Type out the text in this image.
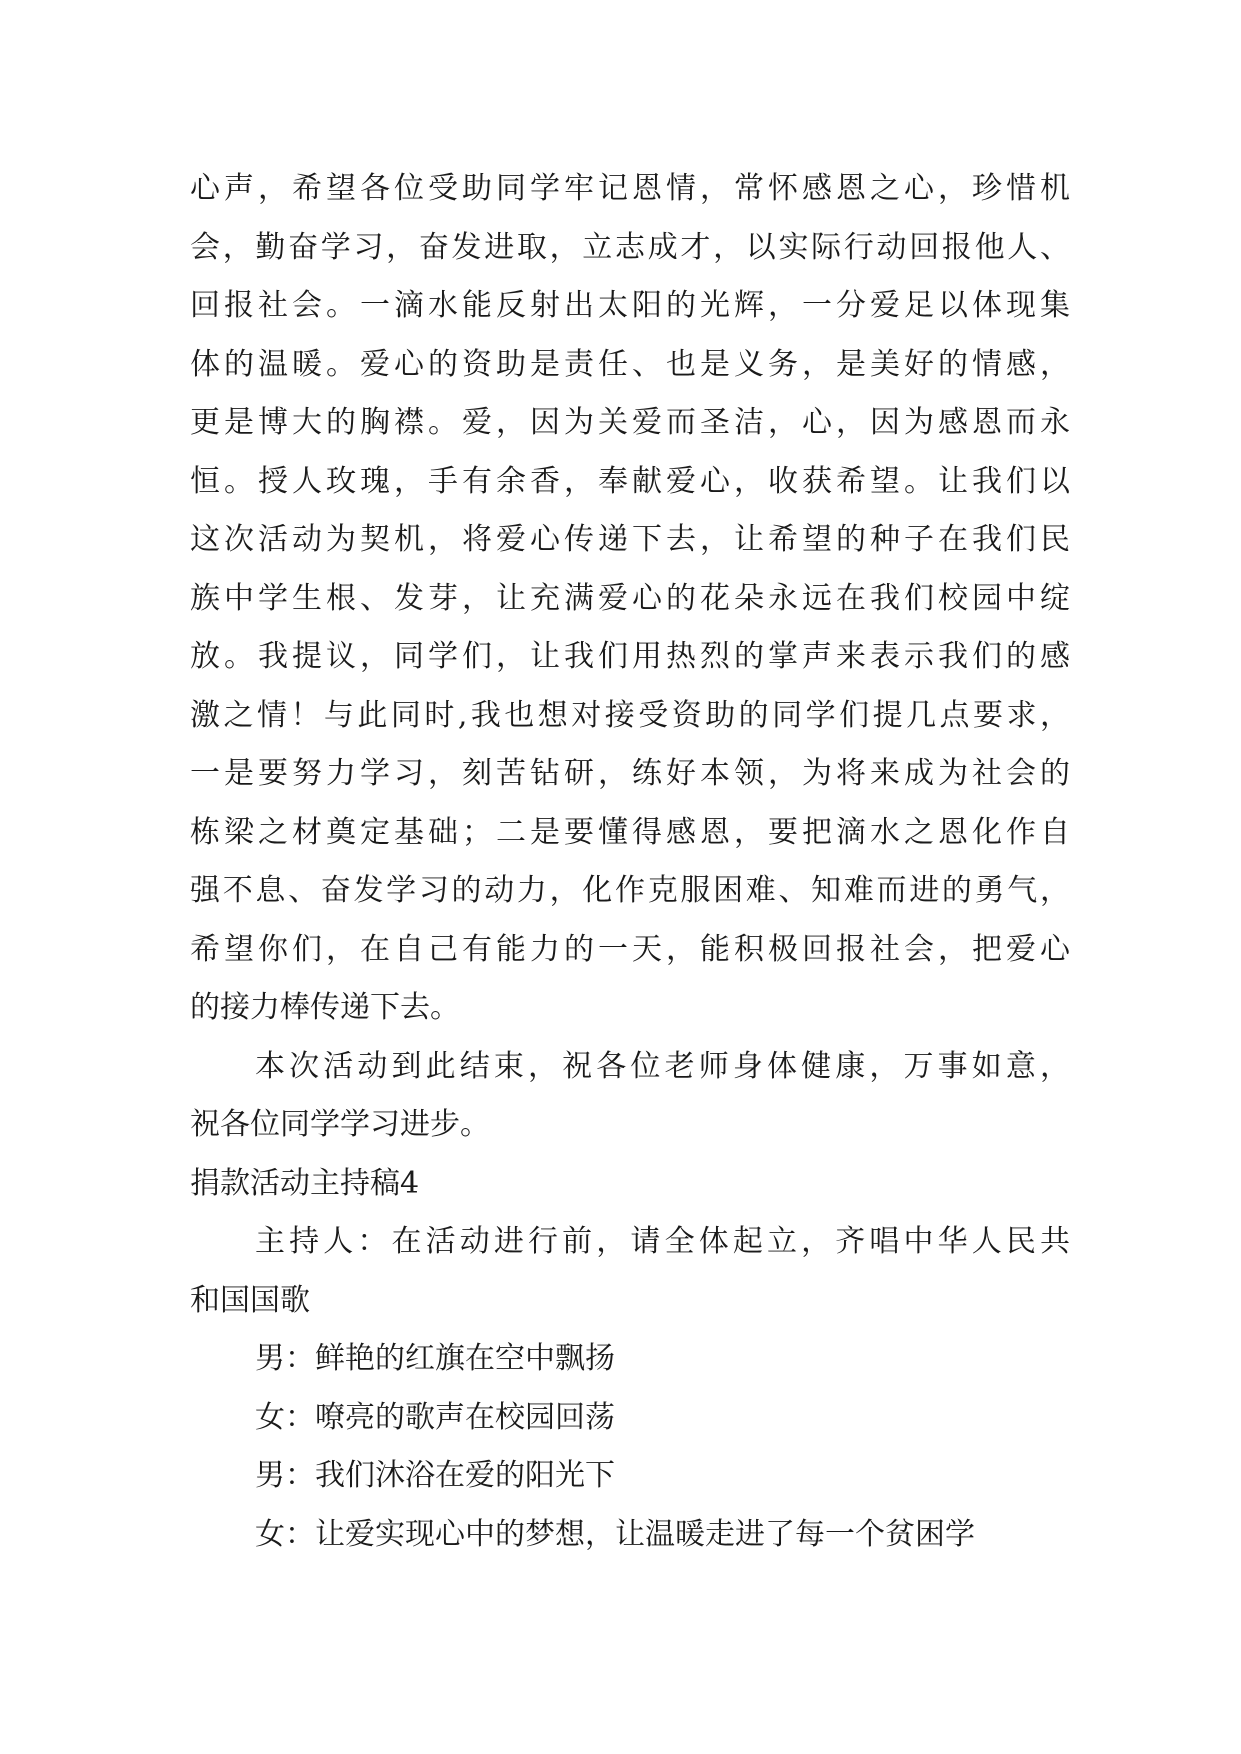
心声，希望各位受助同学牢记恩情，常怀感恩之心，珍惜机
会，勤奋学习，奋发进取，立志成才，以实际行动回报他人、
回报社会。一滴水能反射出太阳的光辉，一分爱足以体现集
体的温暖。爱心的资助是责任、也是义务，是美好的情感，
更是博大的胸襟。爱，因为关爱而圣洁，心，因为感恩而永
恒。授人玫瑰，手有余香，奉献爱心，收获希望。让我们以
这次活动为契机，将爱心传递下去，让希望的种子在我们民
族中学生根、发芽，让充满爱心的花朵永远在我们校园中绽
放。我提议，同学们，让我们用热烈的掌声来表示我们的感
激之情！与此同时,我也想对接受资助的同学们提几点要求，
一是要努力学习，刻苦钻研，练好本领，为将来成为社会的
栋梁之材奠定基础；二是要懂得感恩，要把滴水之恩化作自
强不息、奋发学习的动力，化作克服困难、知难而进的勇气，
希望你们，在自己有能力的一天，能积极回报社会，把爱心
的接力棒传递下去。
本次活动到此结束，祝各位老师身体健康，万事如意，
祝各位同学学习进步。
捐款活动主持稿4
主持人：在活动进行前，请全体起立，齐唱中华人民共
和国国歌
男：鲜艳的红旗在空中飘扬
女：嘹亮的歌声在校园回荡
男：我们沐浴在爱的阳光下
女：让爱实现心中的梦想，让温暖走进了每一个贫困学
